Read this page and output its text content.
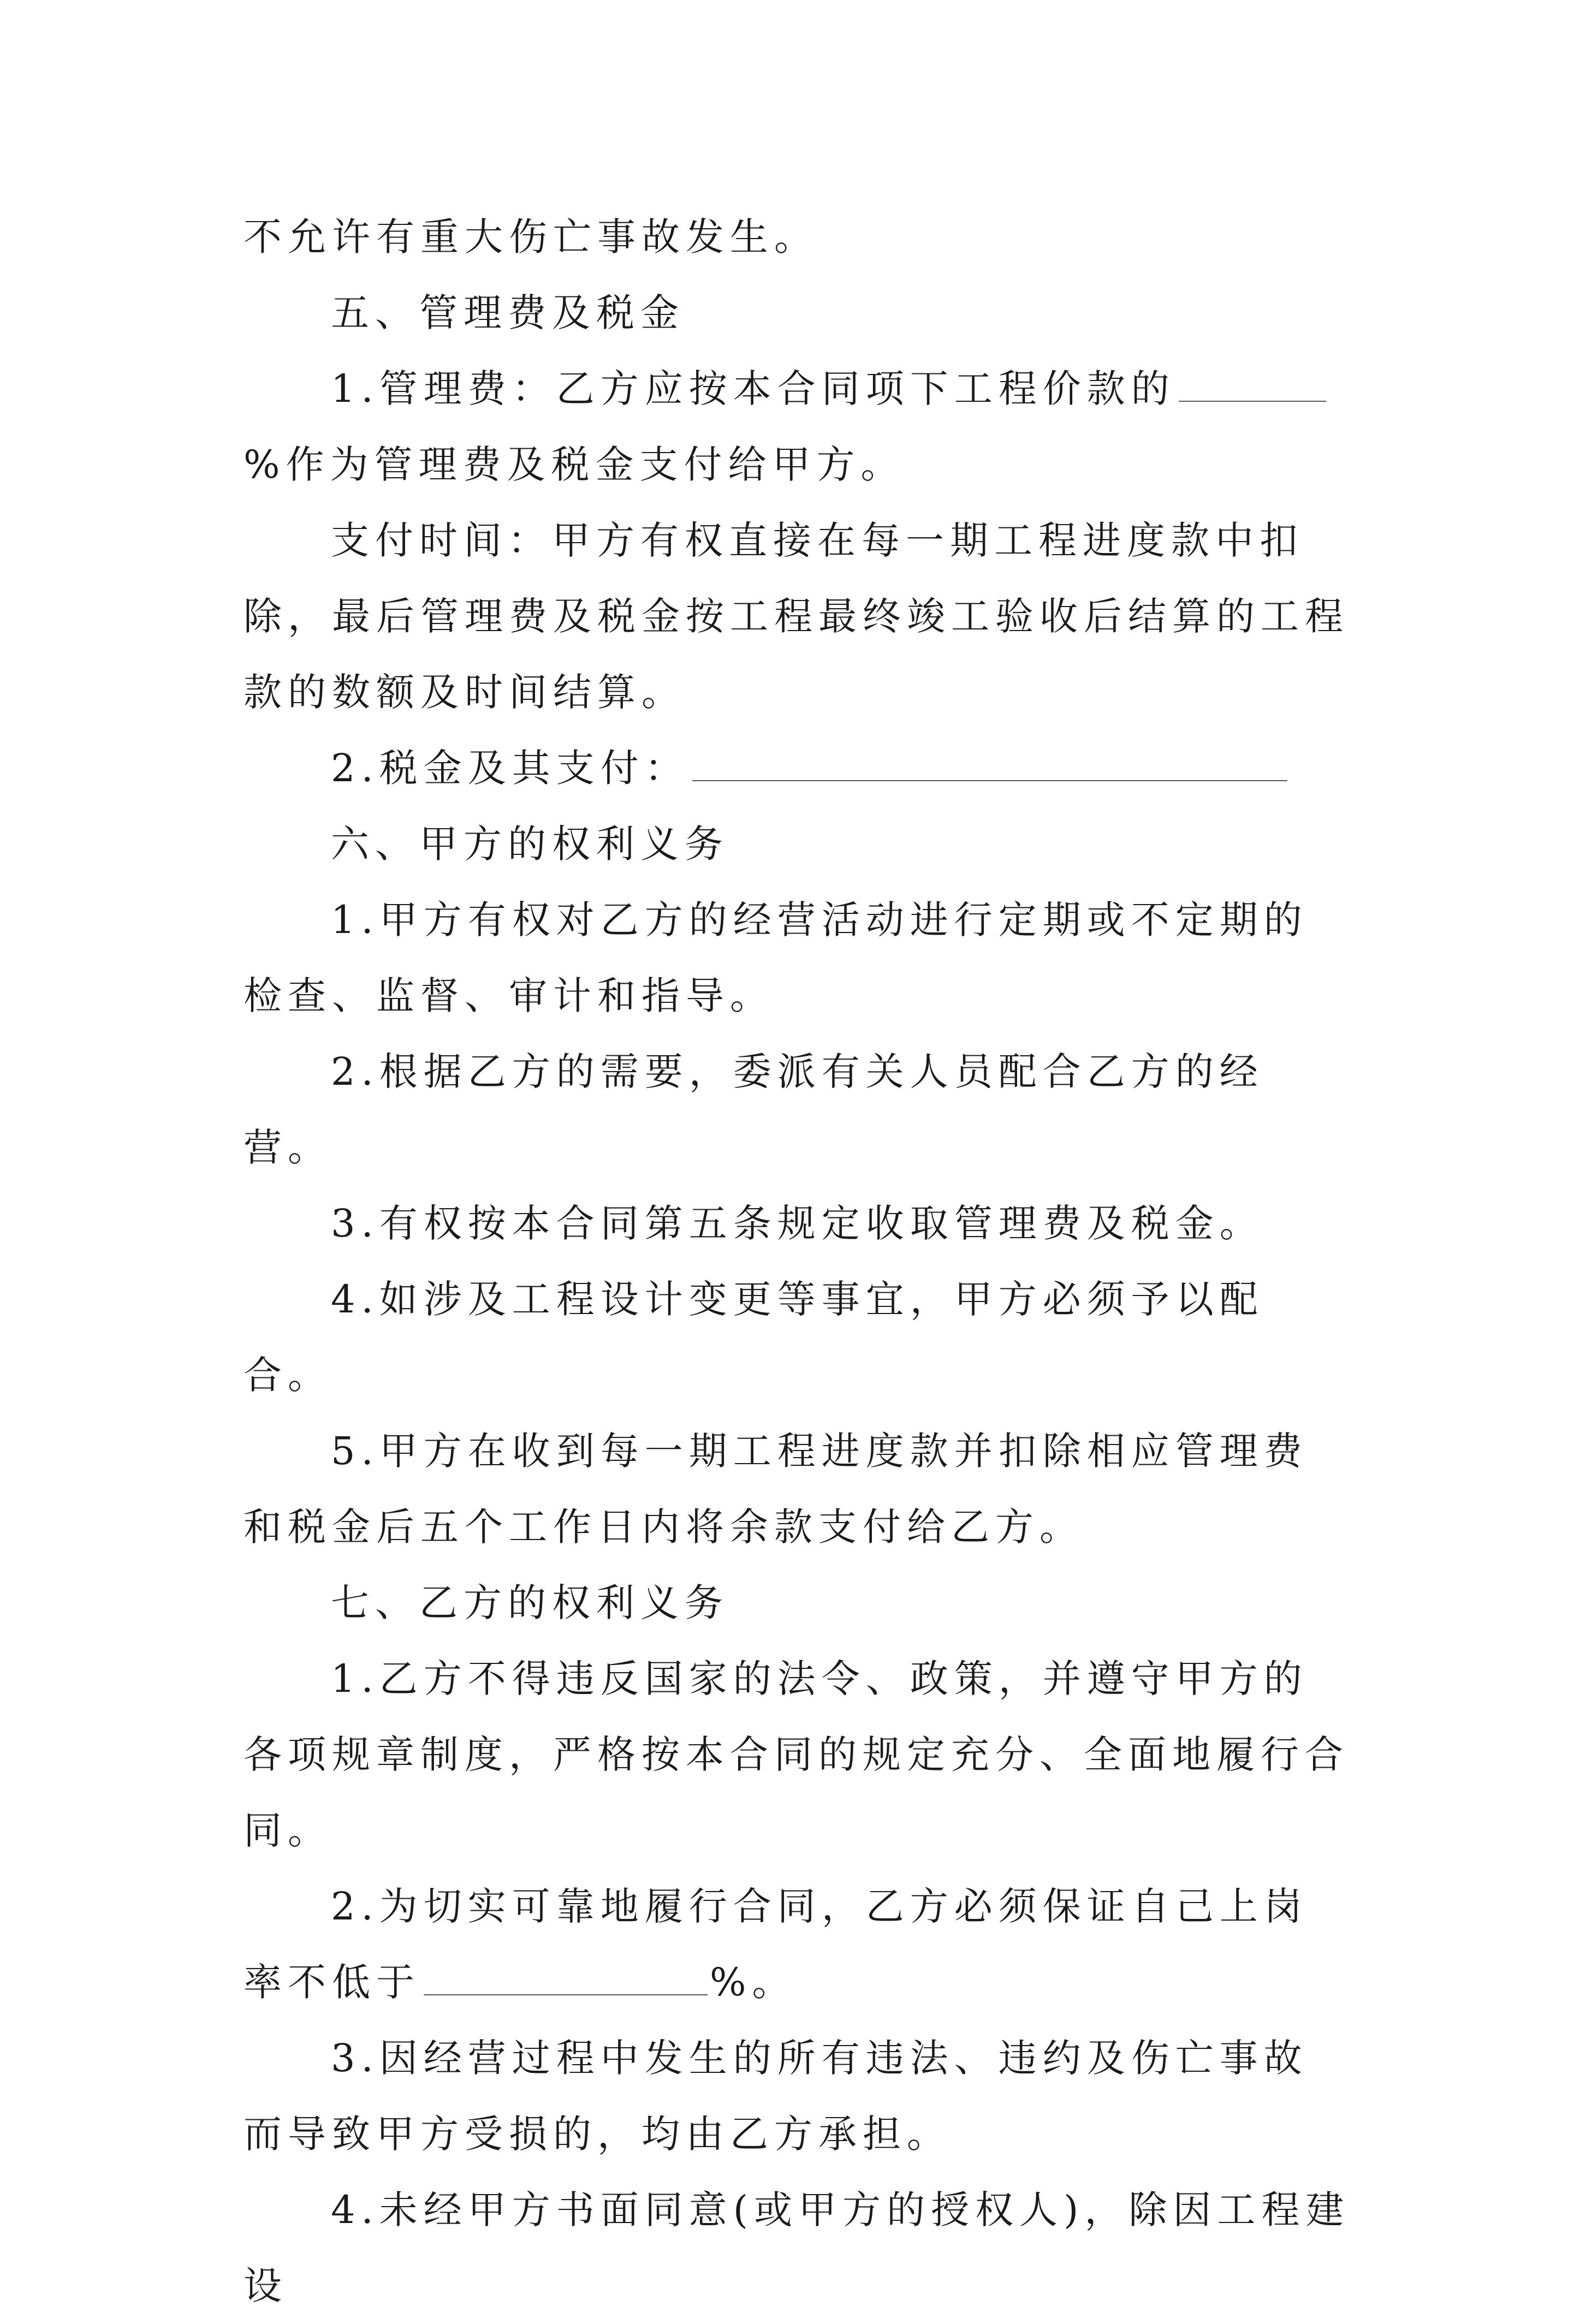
不允许有重大伤亡事故发生。

五、管理费及税金

1.管理费：乙方应按本合同项下工程价款的%作为管理费及税金支付给甲方。

支付时间：甲方有权直接在每一期工程进度款中扣除，最后管理费及税金按工程最终竣工验收后结算的工程款的数额及时间结算。

2.税金及其支付：

六、甲方的权利义务

1.甲方有权对乙方的经营活动进行定期或不定期的检查、监督、审计和指导。

2.根据乙方的需要，委派有关人员配合乙方的经营。

3.有权按本合同第五条规定收取管理费及税金。

4.如涉及工程设计变更等事宜，甲方必须予以配合。

5.甲方在收到每一期工程进度款并扣除相应管理费和税金后五个工作日内将余款支付给乙方。

七、乙方的权利义务

1.乙方不得违反国家的法令、政策，并遵守甲方的各项规章制度，严格按本合同的规定充分、全面地履行合同。

2.为切实可靠地履行合同，乙方必须保证自己上岗率不低于	%。

3.因经营过程中发生的所有违法、违约及伤亡事故而导致甲方受损的，均由乙方承担。

4.未经甲方书面同意(或甲方的授权人)，除因工程建设
